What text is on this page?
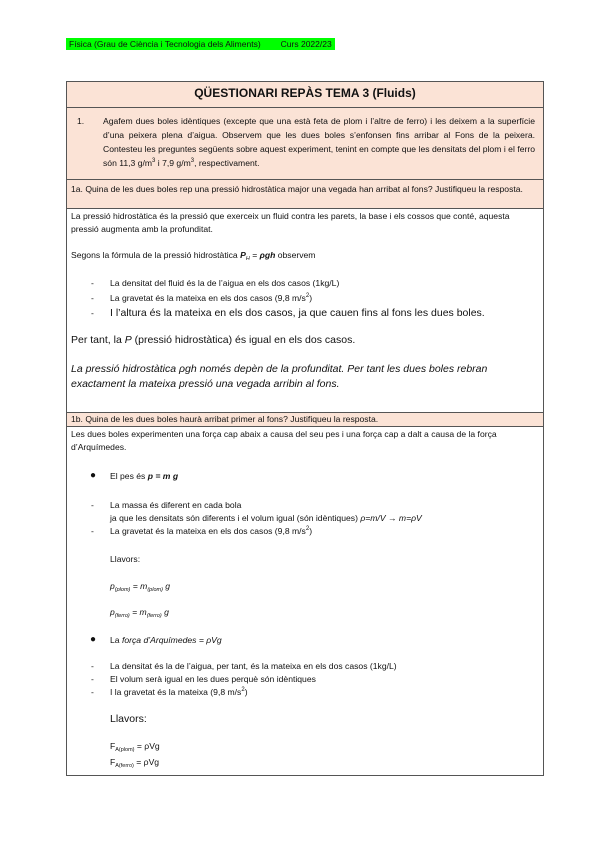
Física (Grau de Ciència i Tecnologia dels Aliments) Curs 2022/23
QÜESTIONARI REPÀS TEMA 3 (Fluids)
1.	Agafem dues boles idèntiques (excepte que una està feta de plom i l’altre de ferro) i les deixem a la superfície d’una peixera plena d’aigua. Observem que les dues boles s’enfonsen fins arribar al Fons de la peixera. Contesteu les preguntes següents sobre aquest experiment, tenint en compte que les densitats del plom i el ferro són 11,3 $g/m^3$ i 7,9 $g/m^3$, respectivament.
1a. Quina de les dues boles rep una pressió hidrostàtica major una vegada han arribat al fons? Justifiqueu la resposta.
La pressió hidrostàtica és la pressió que exerceix un fluid contra les parets, la base i els cossos que conté, aquesta pressió augmenta amb la profunditat.
Segons la fórmula de la pressió hidrostàtica $P_H = \rho gh$ observem
- La densitat del fluid és la de l’aigua en els dos casos (1kg/L)
- La gravetat és la mateixa en els dos casos (9,8 $m/s^2$)
- I l’altura és la mateixa en els dos casos, ja que cauen fins al fons les dues boles.
Per tant, la P (pressió hidrostàtica) és igual en els dos casos.
La pressió hidrostàtica ρgh només depèn de la profunditat. Per tant les dues boles rebran exactament la mateixa pressió una vegada arribin al fons.
1b. Quina de les dues boles haurà arribat primer al fons? Justifiqueu la resposta.
Les dues boles experimenten una força cap abaix a causa del seu pes i una força cap a dalt a causa de la força d’Arquímedes.
● El pes és p = m g
- La massa és diferent en cada bola
ja que les densitats són diferents i el volum igual (són idèntiques) ρ=m/V → m=ρV
- La gravetat és la mateixa en els dos casos (9,8 $m/s^2$)
Llavors:
$p_{(plom)} = m_{(plom)}$ g
$p_{(ferro)} = m_{(ferro)}$ g
● La força d’Arquímedes = ρVg
- La densitat és la de l’aigua, per tant, és la mateixa en els dos casos (1kg/L)
- El volum serà igual en les dues perquè són idèntiques
- I la gravetat és la mateixa (9,8 $m/s^2$)
Llavors:
$F_{A(plom)} = \rho Vg$
$F_{A(ferro)} = \rho Vg$
